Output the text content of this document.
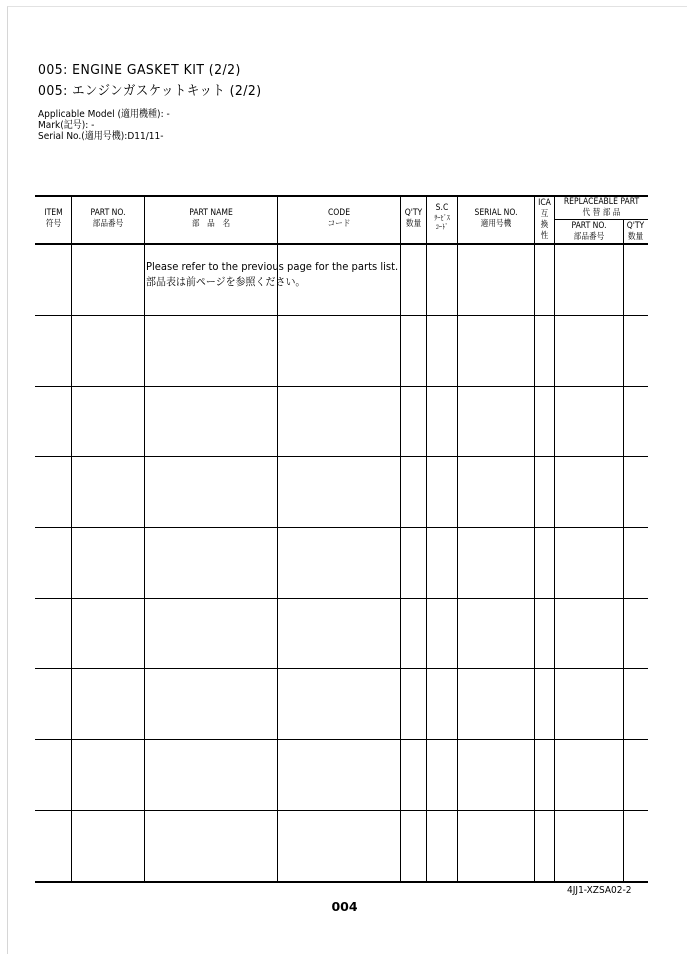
005: ENGINE GASKET KIT (2/2)
005: エンジンガスケットキット (2/2)
Applicable Model (適用機種): -
Mark(記号): -
Serial No.(適用号機):D11/11-
ITEM
符号
PART NO.
部品番号
PART NAME
部　品　名
CODE
コード
Q'TY
数量
S.C
ｻｰﾋﾞｽ
ｺｰﾄﾞ
SERIAL NO.
適用号機
ICA
互
換
性
REPLACEABLE PART
代 替 部 品
PART NO.
部品番号
Q'TY
数量
Please refer to the previous page for the parts list.
部品表は前ページを参照ください。
4JJ1-XZSA02-2
004
